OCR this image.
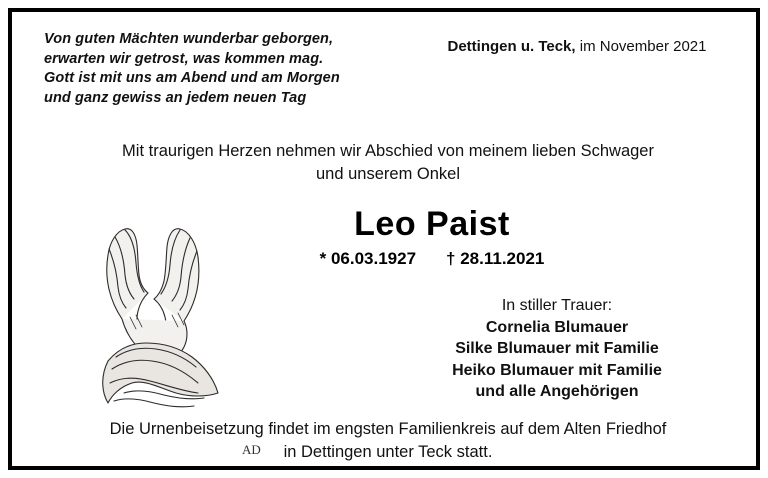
Von guten Mächten wunderbar geborgen,
erwarten wir getrost, was kommen mag.
Gott ist mit uns am Abend und am Morgen
und ganz gewiss an jedem neuen Tag
Dettingen u. Teck, im November 2021
Mit traurigen Herzen nehmen wir Abschied von meinem lieben Schwager
und unserem Onkel
Leo Paist
* 06.03.1927 † 28.11.2021
In stiller Trauer:
Cornelia Blumauer
Silke Blumauer mit Familie
Heiko Blumauer mit Familie
und alle Angehörigen
Die Urnenbeisetzung findet im engsten Familienkreis auf dem Alten Friedhof
in Dettingen unter Teck statt.
AD
